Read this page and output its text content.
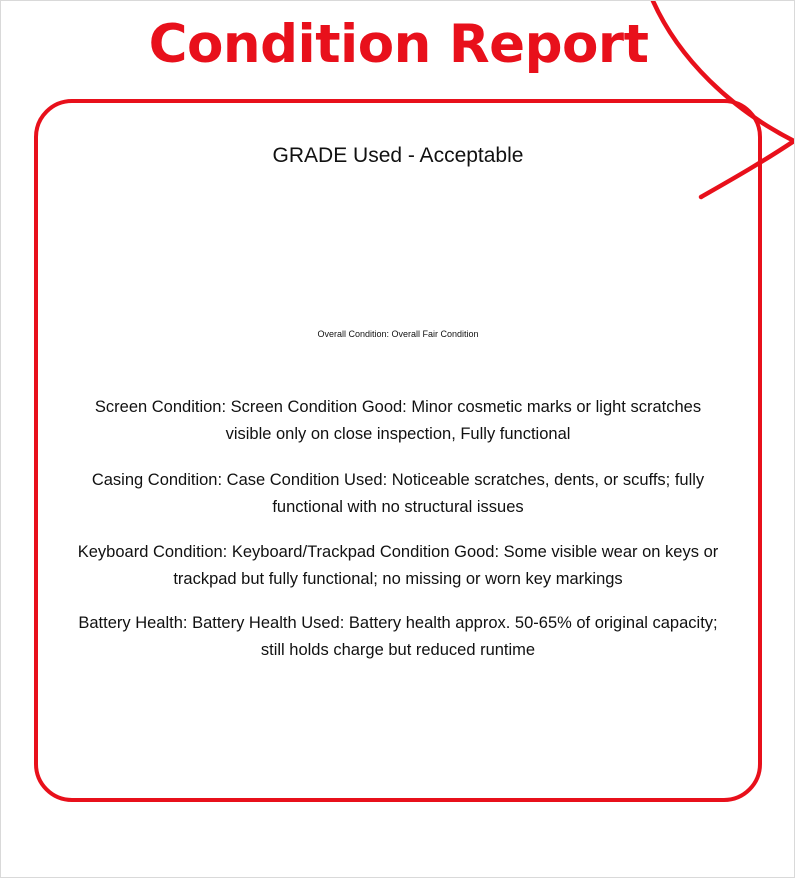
Condition Report
GRADE Used - Acceptable
Overall Condition: Overall Fair Condition
Screen Condition: Screen Condition Good: Minor cosmetic marks or light scratches visible only on close inspection, Fully functional
Casing Condition: Case Condition Used: Noticeable scratches, dents, or scuffs; fully functional with no structural issues
Keyboard Condition: Keyboard/Trackpad Condition Good: Some visible wear on keys or trackpad but fully functional; no missing or worn key markings
Battery Health: Battery Health Used: Battery health approx. 50-65% of original capacity; still holds charge but reduced runtime
